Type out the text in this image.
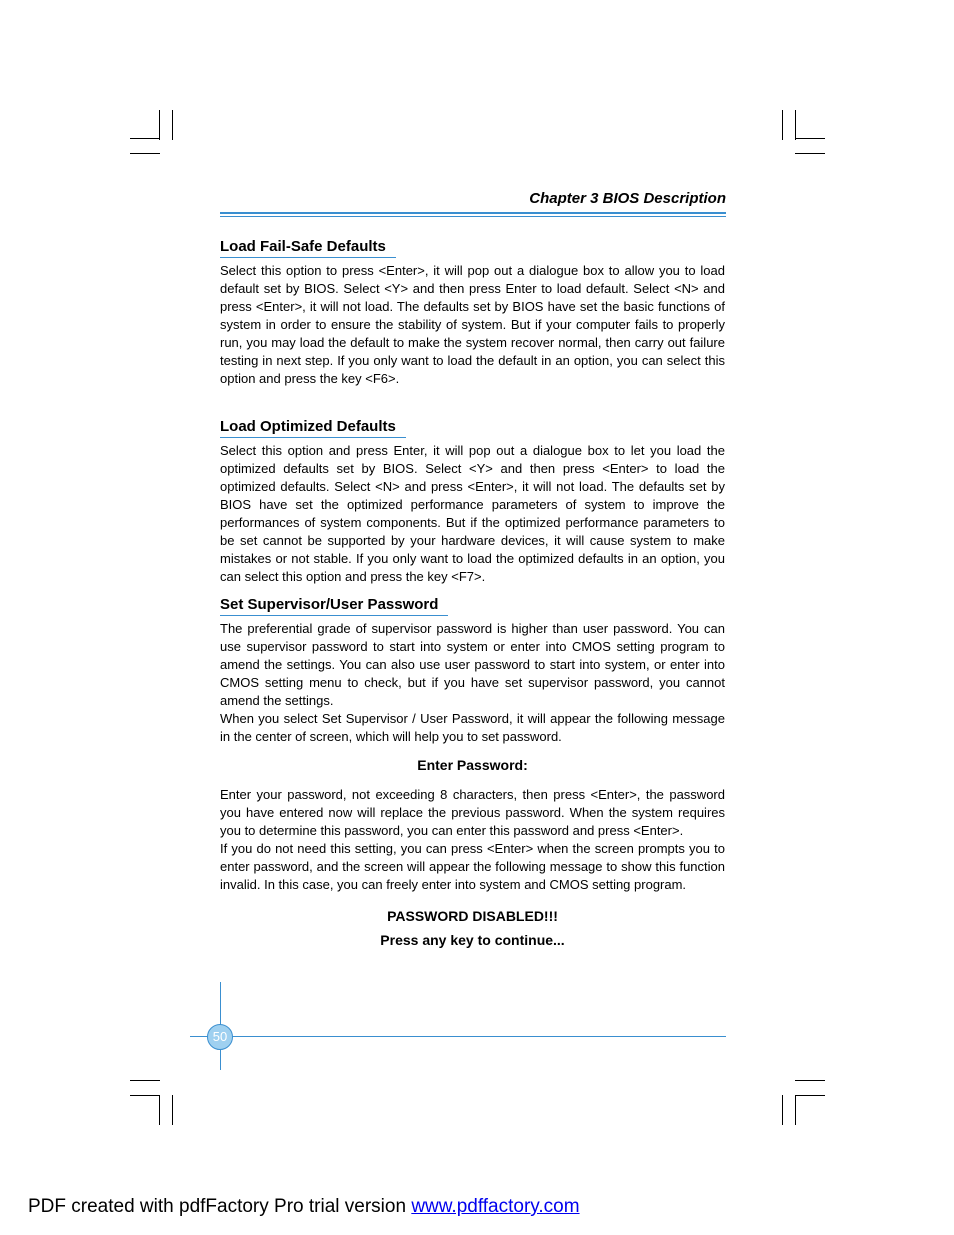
Chapter 3 BIOS Description
Load Fail-Safe Defaults

Select this option to press <Enter>, it will pop out a dialogue box to allow you to load default set by BIOS. Select <Y> and then press Enter to load default. Select <N> and press <Enter>, it will not load. The defaults set by BIOS have set the basic functions of system in order to ensure the stability of system. But if your computer fails to properly run, you may load the default to make the system recover normal, then carry out failure testing in next step. If you only want to load the default in an option, you can select this option and press the key <F6>.

Load Optimized Defaults

Select this option and press Enter, it will pop out a dialogue box to let you load the optimized defaults set by BIOS. Select <Y> and then press <Enter> to load the optimized defaults. Select <N> and press <Enter>, it will not load. The defaults set by BIOS have set the optimized performance parameters of system to improve the performances of system components. But if the optimized performance parameters to be set cannot be supported by your hardware devices, it will cause system to make mistakes or not stable. If you only want to load the optimized defaults in an option, you can select this option and press the key <F7>.

Set Supervisor/User Password

The preferential grade of supervisor password is higher than user password. You can use supervisor password to start into system or enter into CMOS setting program to amend the settings. You can also use user password to start into system, or enter into CMOS setting menu to check, but if you have set supervisor password, you cannot amend the settings.

When you select Set Supervisor / User Password, it will appear the following message in the center of screen, which will help you to set password.

Enter Password:

Enter your password, not exceeding 8 characters, then press <Enter>, the password you have entered now will replace the previous password. When the system requires you to determine this password, you can enter this password and press <Enter>.

If you do not need this setting, you can press <Enter> when the screen prompts you to enter password, and the screen will appear the following message to show this function invalid. In this case, you can freely enter into system and CMOS setting program.

PASSWORD DISABLED!!!
Press any key to continue...
50
PDF created with pdfFactory Pro trial version www.pdffactory.com
